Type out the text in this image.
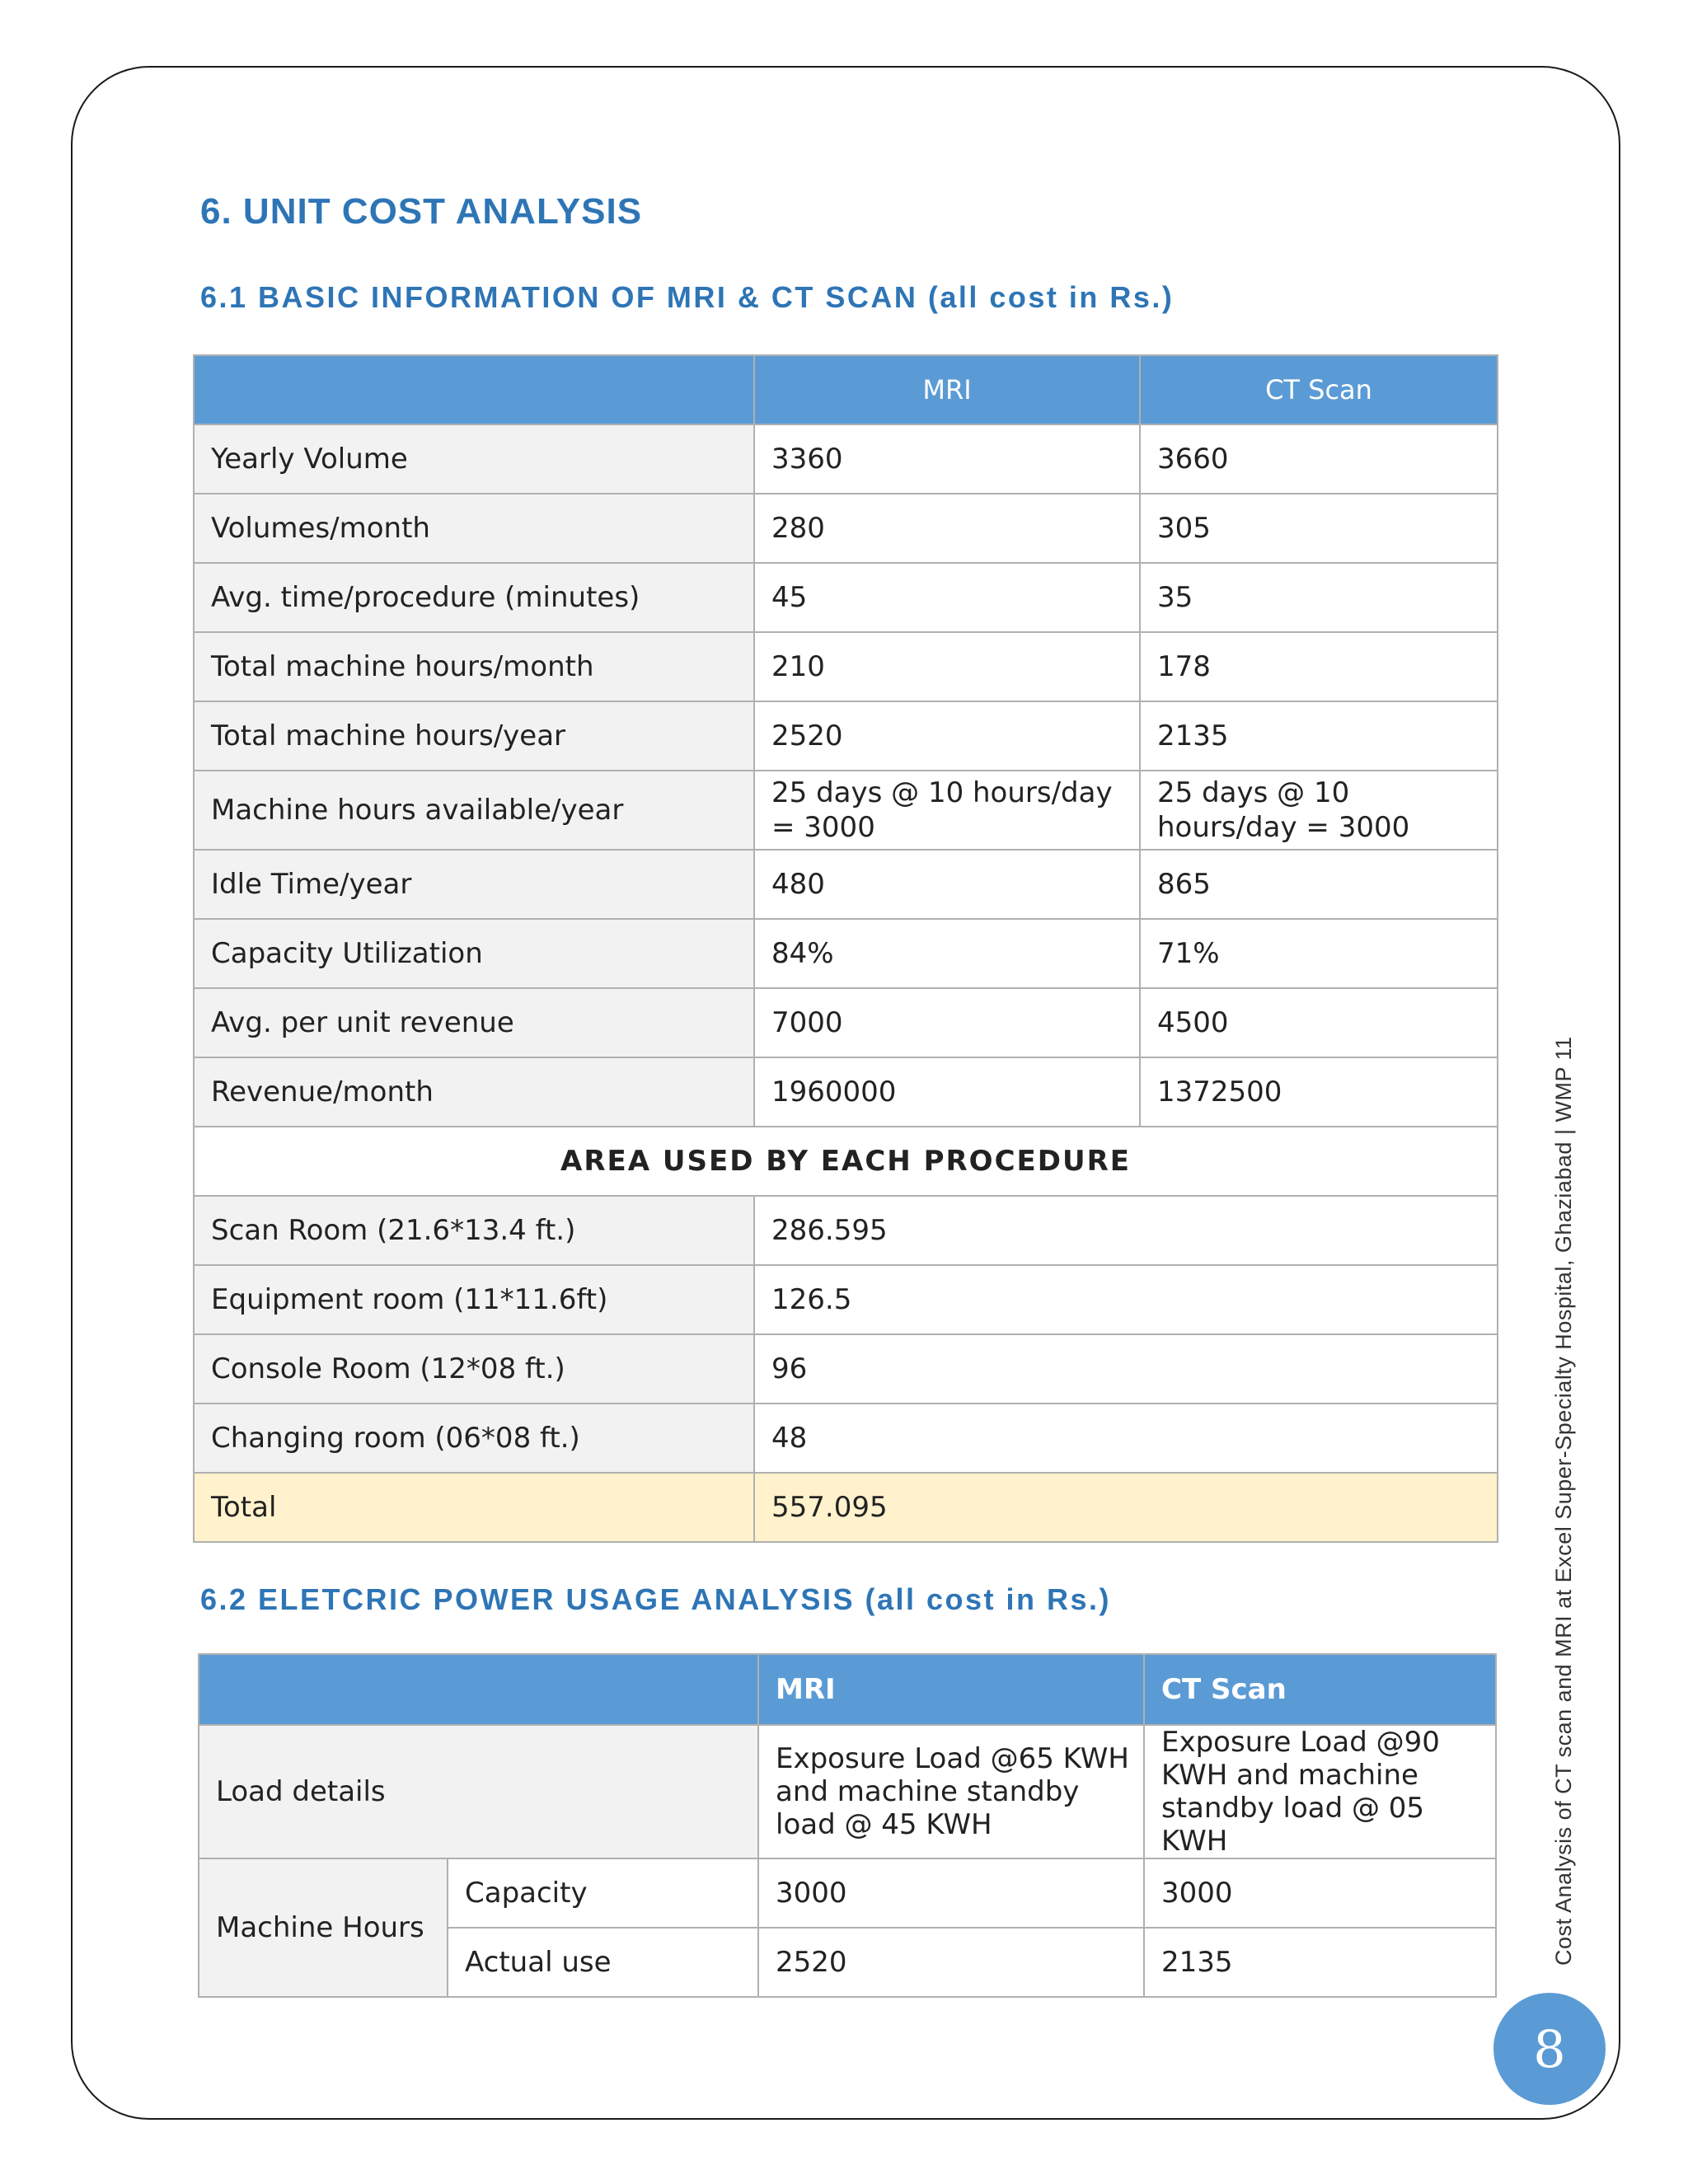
6. UNIT COST ANALYSIS
6.1 BASIC INFORMATION OF MRI & CT SCAN (all cost in Rs.)
	MRI	CT Scan
Yearly Volume	3360	3660
Volumes/month	280	305
Avg. time/procedure (minutes)	45	35
Total machine hours/month	210	178
Total machine hours/year	2520	2135
Machine hours available/year	25 days @ 10 hours/day = 3000	25 days @ 10 hours/day = 3000
Idle Time/year	480	865
Capacity Utilization	84%	71%
Avg. per unit revenue	7000	4500
Revenue/month	1960000	1372500
AREA USED BY EACH PROCEDURE		
Scan Room (21.6*13.4 ft.)	286.595	
Equipment room (11*11.6ft)	126.5	
Console Room (12*08 ft.)	96	
Changing room (06*08 ft.)	48	
Total	557.095	
6.2 ELETCRIC POWER USAGE ANALYSIS (all cost in Rs.)
		MRI	CT Scan
Load details		Exposure Load @65 KWH and machine standby load @ 45 KWH	Exposure Load @90 KWH and machine standby load @ 05 KWH
Machine Hours	Capacity	3000	3000
	Actual use	2520	2135	Cost Analysis of CT scan and MRI at Excel Super-Specialty Hospital, Ghaziabad | WMP 11
8
